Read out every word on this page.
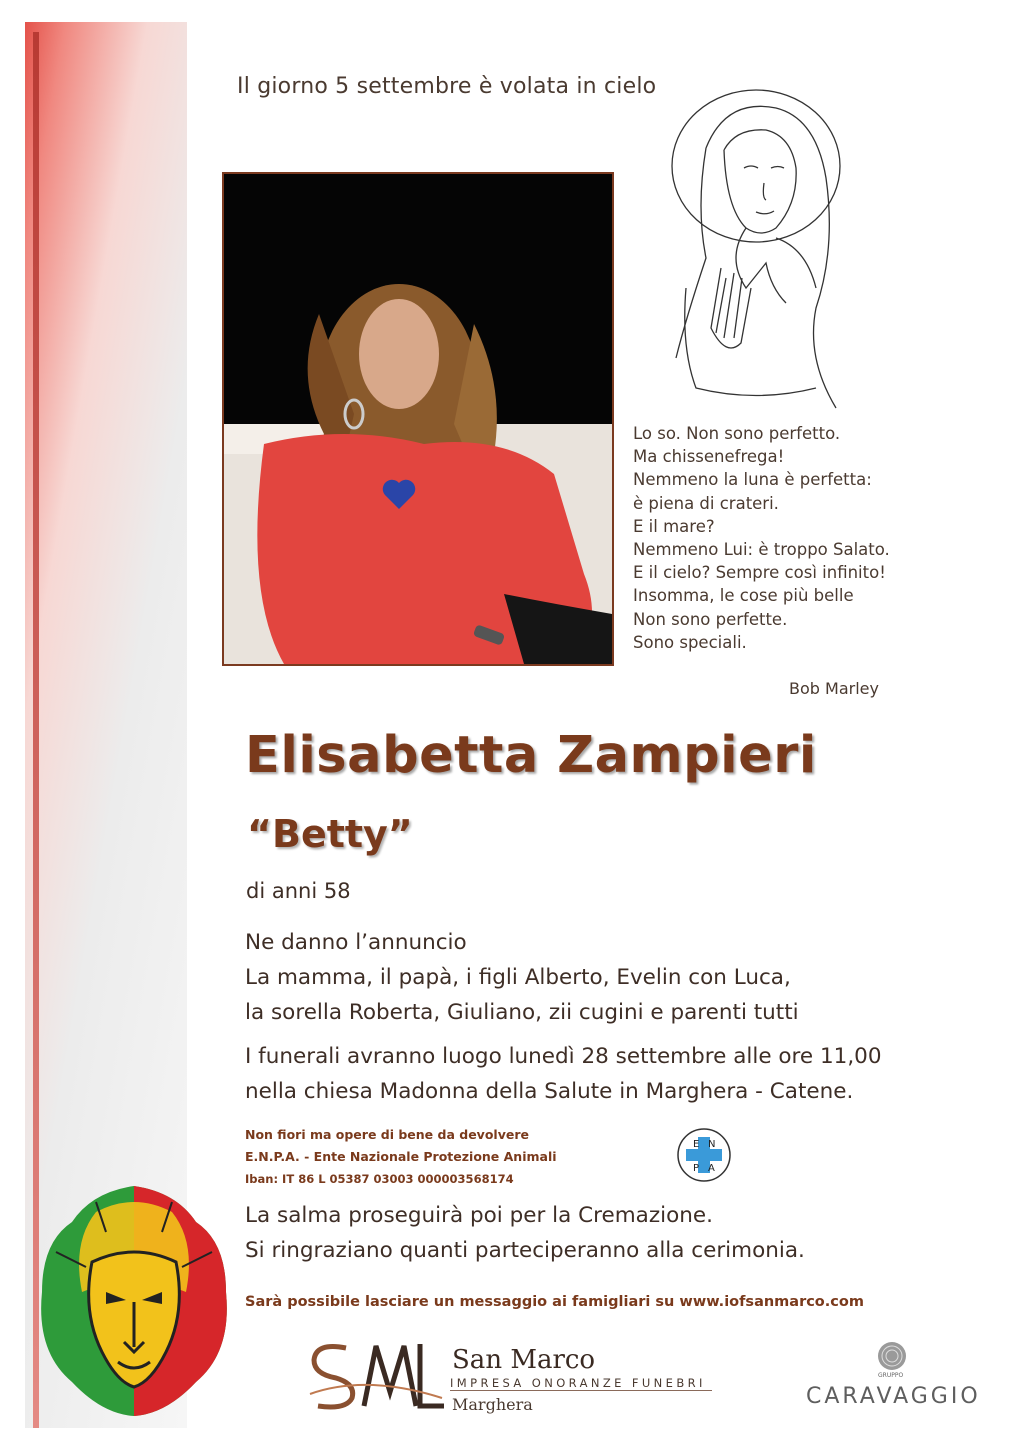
Il giorno 5 settembre è volata in cielo
Lo so. Non sono perfetto.
Ma chissenefrega!
Nemmeno la luna è perfetta:
è piena di crateri.
E il mare?
Nemmeno Lui: è troppo Salato.
E il cielo? Sempre così infinito!
Insomma, le cose più belle
Non sono perfette.
Sono speciali.
Bob Marley
Elisabetta Zampieri
“Betty”
di anni 58
Ne danno l’annuncio
La mamma, il papà, i figli Alberto, Evelin con Luca,
la sorella Roberta, Giuliano, zii cugini e parenti tutti
I funerali avranno luogo lunedì 28 settembre alle ore 11,00
nella chiesa Madonna della Salute in Marghera - Catene.
Non fiori ma opere di bene da devolvere
E.N.P.A. - Ente Nazionale Protezione Animali
Iban: IT 86 L 05387 03003 000003568174
E N
P A
La salma proseguirà poi per la Cremazione.
Si ringraziano quanti parteciperanno alla cerimonia.
Sarà possibile lasciare un messaggio ai famigliari su www.iofsanmarco.com
San Marco
IMPRESA ONORANZE FUNEBRI
Marghera
GRUPPO
CARAVAGGIO
